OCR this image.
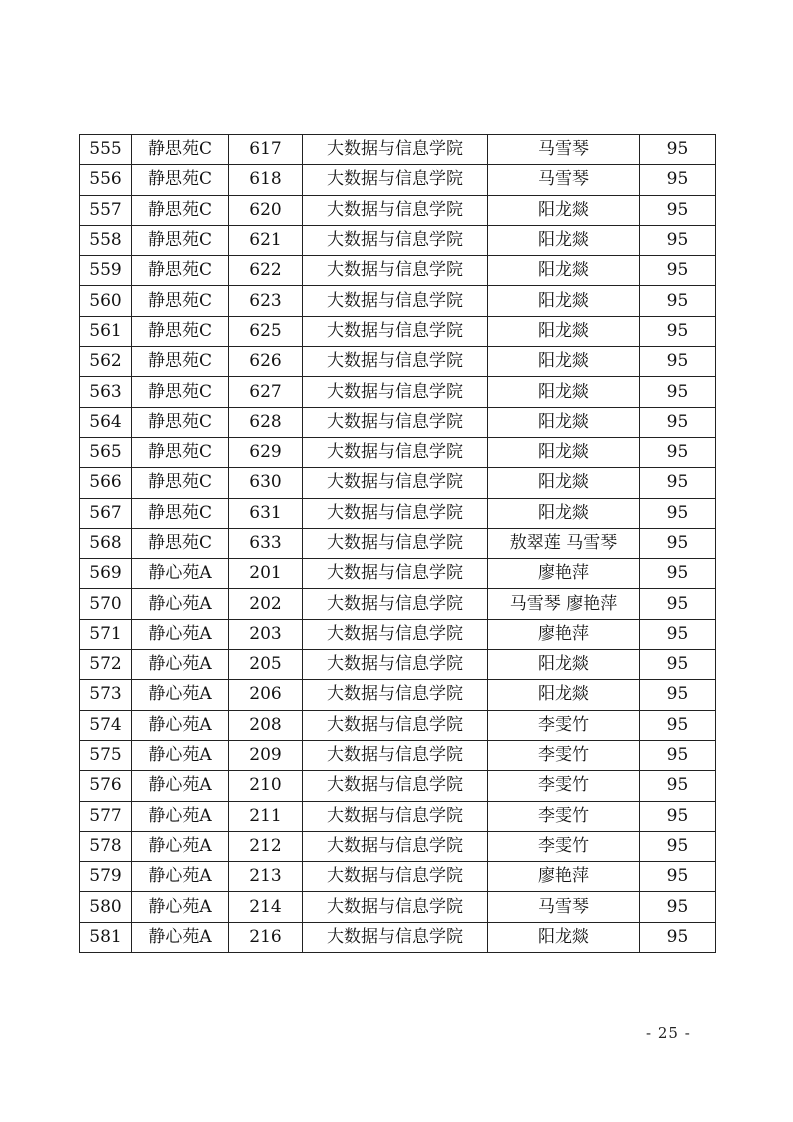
555	静思苑C	617	大数据与信息学院	马雪琴	95
556	静思苑C	618	大数据与信息学院	马雪琴	95
557	静思苑C	620	大数据与信息学院	阳龙燚	95
558	静思苑C	621	大数据与信息学院	阳龙燚	95
559	静思苑C	622	大数据与信息学院	阳龙燚	95
560	静思苑C	623	大数据与信息学院	阳龙燚	95
561	静思苑C	625	大数据与信息学院	阳龙燚	95
562	静思苑C	626	大数据与信息学院	阳龙燚	95
563	静思苑C	627	大数据与信息学院	阳龙燚	95
564	静思苑C	628	大数据与信息学院	阳龙燚	95
565	静思苑C	629	大数据与信息学院	阳龙燚	95
566	静思苑C	630	大数据与信息学院	阳龙燚	95
567	静思苑C	631	大数据与信息学院	阳龙燚	95
568	静思苑C	633	大数据与信息学院	敖翠莲 马雪琴	95
569	静心苑A	201	大数据与信息学院	廖艳萍	95
570	静心苑A	202	大数据与信息学院	马雪琴 廖艳萍	95
571	静心苑A	203	大数据与信息学院	廖艳萍	95
572	静心苑A	205	大数据与信息学院	阳龙燚	95
573	静心苑A	206	大数据与信息学院	阳龙燚	95
574	静心苑A	208	大数据与信息学院	李雯竹	95
575	静心苑A	209	大数据与信息学院	李雯竹	95
576	静心苑A	210	大数据与信息学院	李雯竹	95
577	静心苑A	211	大数据与信息学院	李雯竹	95
578	静心苑A	212	大数据与信息学院	李雯竹	95
579	静心苑A	213	大数据与信息学院	廖艳萍	95
580	静心苑A	214	大数据与信息学院	马雪琴	95
581	静心苑A	216	大数据与信息学院	阳龙燚	95
- 25 -
